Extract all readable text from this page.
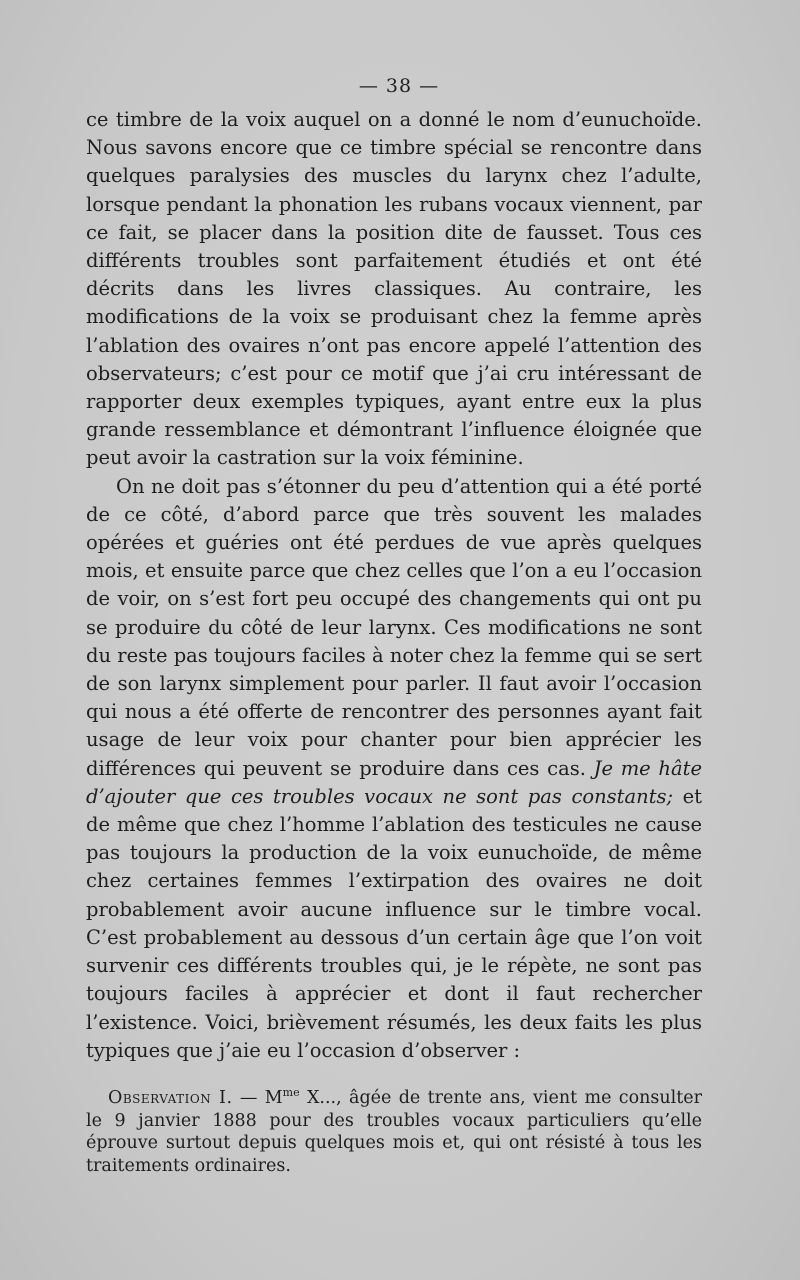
— 38 —

ce timbre de la voix auquel on a donné le nom d’eunuchoïde. Nous savons encore que ce timbre spécial se rencontre dans quelques paralysies des muscles du larynx chez l’adulte, lorsque pendant la phonation les rubans vocaux viennent, par ce fait, se placer dans la position dite de fausset. Tous ces différents troubles sont parfaitement étudiés et ont été décrits dans les livres classiques. Au contraire, les modifications de la voix se produisant chez la femme après l’ablation des ovaires n’ont pas encore appelé l’attention des observateurs; c’est pour ce motif que j’ai cru intéressant de rapporter deux exemples typiques, ayant entre eux la plus grande ressemblance et démontrant l’influence éloignée que peut avoir la castration sur la voix féminine.

On ne doit pas s’étonner du peu d’attention qui a été porté de ce côté, d’abord parce que très souvent les malades opérées et guéries ont été perdues de vue après quelques mois, et ensuite parce que chez celles que l’on a eu l’occasion de voir, on s’est fort peu occupé des changements qui ont pu se produire du côté de leur larynx. Ces modifications ne sont du reste pas toujours faciles à noter chez la femme qui se sert de son larynx simplement pour parler. Il faut avoir l’occasion qui nous a été offerte de rencontrer des personnes ayant fait usage de leur voix pour chanter pour bien apprécier les différences qui peuvent se produire dans ces cas. Je me hâte d’ajouter que ces troubles vocaux ne sont pas constants; et de même que chez l’homme l’ablation des testicules ne cause pas toujours la production de la voix eunuchoïde, de même chez certaines femmes l’extirpation des ovaires ne doit probablement avoir aucune influence sur le timbre vocal. C’est probablement au dessous d’un certain âge que l’on voit survenir ces différents troubles qui, je le répète, ne sont pas toujours faciles à apprécier et dont il faut rechercher l’existence. Voici, brièvement résumés, les deux faits les plus typiques que j’aie eu l’occasion d’observer :

Observation I. — $M^{me}$ X..., âgée de trente ans, vient me consulter le 9 janvier 1888 pour des troubles vocaux particuliers qu’elle éprouve surtout depuis quelques mois et, qui ont résisté à tous les traitements ordinaires.
